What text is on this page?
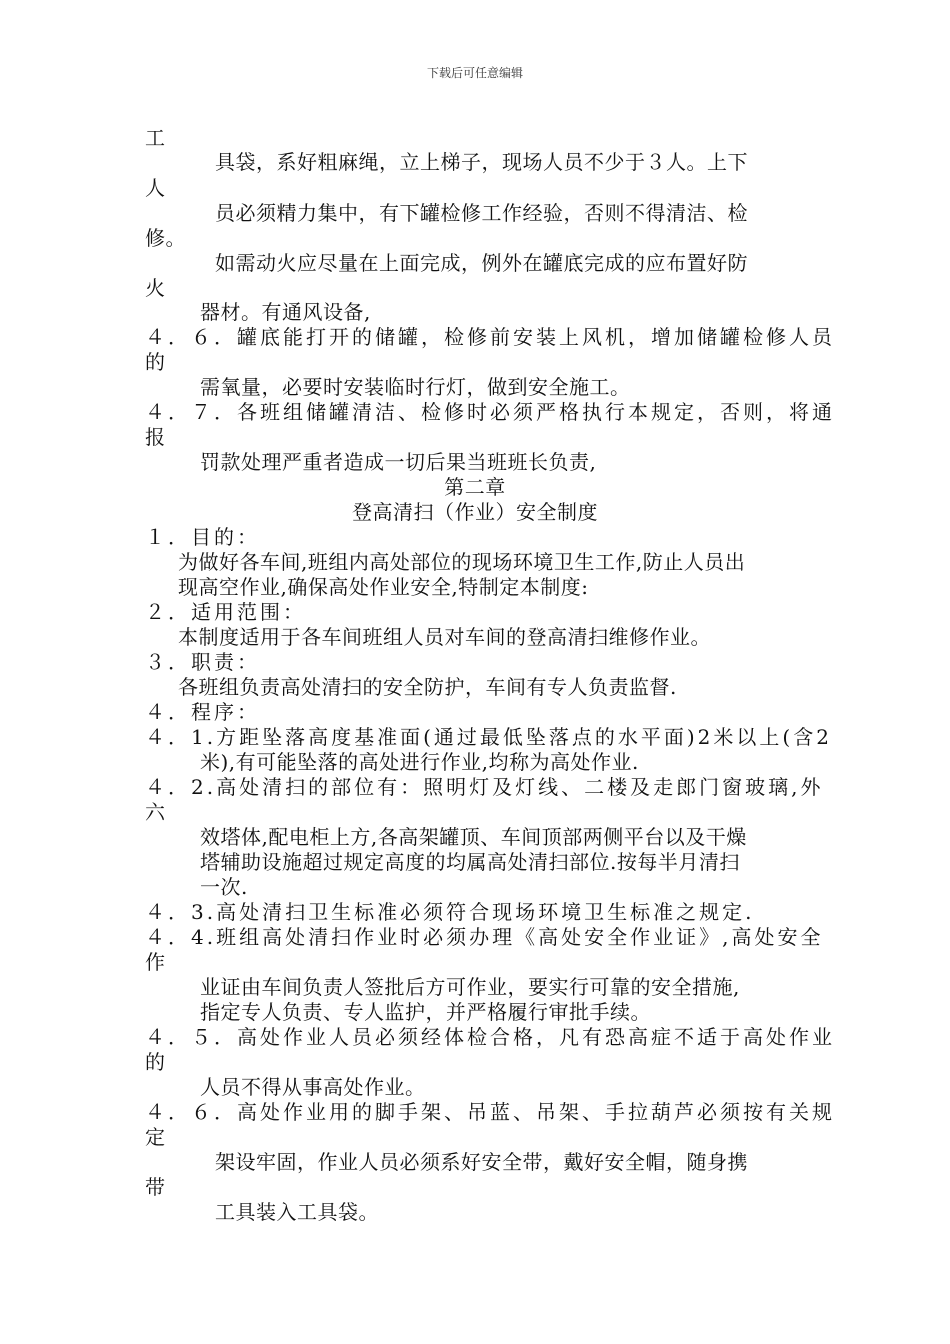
下载后可任意编辑
工
具袋，系好粗麻绳，立上梯子，现场人员不少于３人。上下
人
员必须精力集中，有下罐检修工作经验，否则不得清洁、检
修。
如需动火应尽量在上面完成，例外在罐底完成的应布置好防
火
器材。有通风设备,
４．６．罐底能打开的储罐，检修前安装上风机，增加储罐检修人员
的
需氧量，必要时安装临时行灯，做到安全施工。
４．７．各班组储罐清洁、检修时必须严格执行本规定，否则，将通
报
罚款处理严重者造成一切后果当班班长负责,
第二章
登高清扫（作业）安全制度
１．目的：
为做好各车间,班组内高处部位的现场环境卫生工作,防止人员出
现高空作业,确保高处作业安全,特制定本制度:
２．适用范围：
本制度适用于各车间班组人员对车间的登高清扫维修作业。
３．职责：
各班组负责高处清扫的安全防护，车间有专人负责监督.
４．程序：
４．1.方距坠落高度基准面(通过最低坠落点的水平面)2米以上(含2
米),有可能坠落的高处进行作业,均称为高处作业.
４．2.高处清扫的部位有：照明灯及灯线、二楼及走郎门窗玻璃,外
六
效塔体,配电柜上方,各高架罐顶、车间顶部两侧平台以及干燥
塔辅助设施超过规定高度的均属高处清扫部位.按每半月清扫
一次.
４．3.高处清扫卫生标准必须符合现场环境卫生标准之规定.
４．4.班组高处清扫作业时必须办理《高处安全作业证》,高处安全
作
业证由车间负责人签批后方可作业，要实行可靠的安全措施,
指定专人负责、专人监护，并严格履行审批手续。
４．５．高处作业人员必须经体检合格，凡有恐高症不适于高处作业
的
人员不得从事高处作业。
４．６．高处作业用的脚手架、吊蓝、吊架、手拉葫芦必须按有关规
定
架设牢固，作业人员必须系好安全带，戴好安全帽，随身携
带
工具装入工具袋。
